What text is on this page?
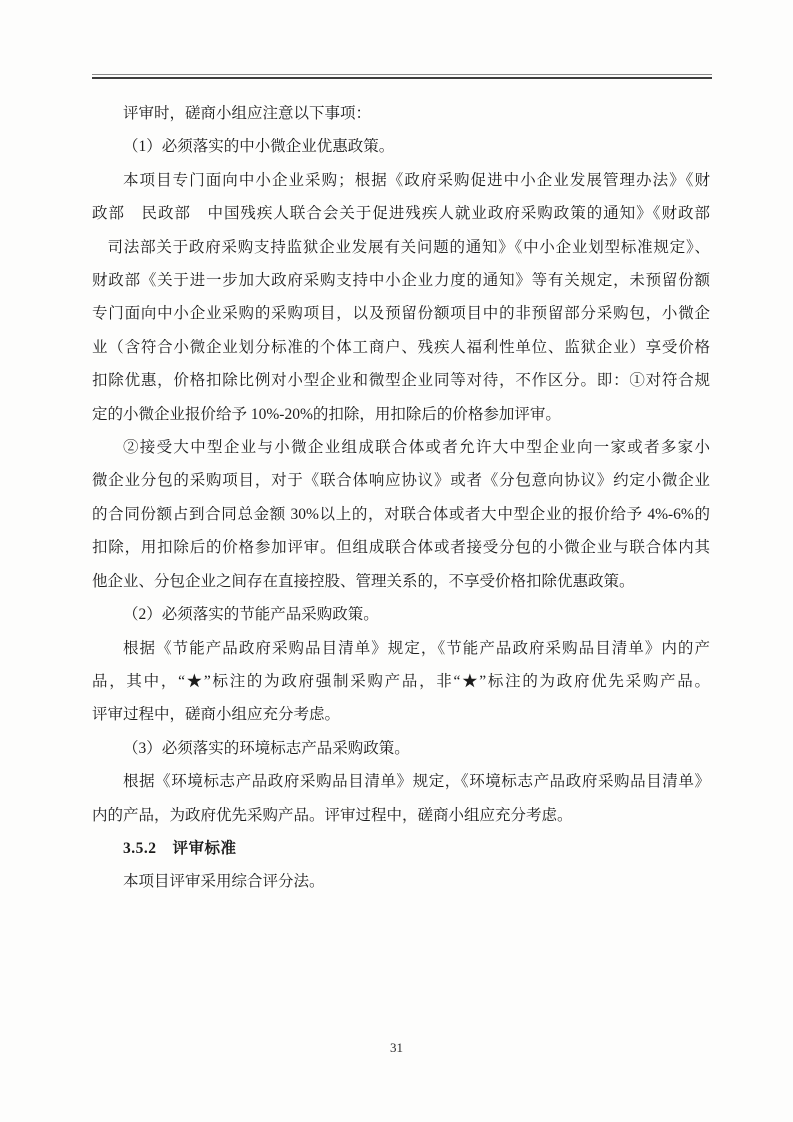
评审时，磋商小组应注意以下事项：

（1）必须落实的中小微企业优惠政策。

本项目专门面向中小企业采购；根据《政府采购促进中小企业发展管理办法》《财

政部　民政部　中国残疾人联合会关于促进残疾人就业政府采购政策的通知》《财政部

司法部关于政府采购支持监狱企业发展有关问题的通知》《中小企业划型标准规定》、

财政部《关于进一步加大政府采购支持中小企业力度的通知》等有关规定，未预留份额

专门面向中小企业采购的采购项目，以及预留份额项目中的非预留部分采购包，小微企

业（含符合小微企业划分标准的个体工商户、残疾人福利性单位、监狱企业）享受价格

扣除优惠，价格扣除比例对小型企业和微型企业同等对待，不作区分。即：①对符合规

定的小微企业报价给予 10%-20%的扣除，用扣除后的价格参加评审。

②接受大中型企业与小微企业组成联合体或者允许大中型企业向一家或者多家小

微企业分包的采购项目，对于《联合体响应协议》或者《分包意向协议》约定小微企业

的合同份额占到合同总金额 30%以上的，对联合体或者大中型企业的报价给予 4%-6%的

扣除，用扣除后的价格参加评审。但组成联合体或者接受分包的小微企业与联合体内其

他企业、分包企业之间存在直接控股、管理关系的，不享受价格扣除优惠政策。

（2）必须落实的节能产品采购政策。

根据《节能产品政府采购品目清单》规定，《节能产品政府采购品目清单》内的产

品，其中，“★”标注的为政府强制采购产品，非“★”标注的为政府优先采购产品。

评审过程中，磋商小组应充分考虑。

（3）必须落实的环境标志产品采购政策。

根据《环境标志产品政府采购品目清单》规定，《环境标志产品政府采购品目清单》

内的产品，为政府优先采购产品。评审过程中，磋商小组应充分考虑。

3.5.2　评审标准

本项目评审采用综合评分法。

31
